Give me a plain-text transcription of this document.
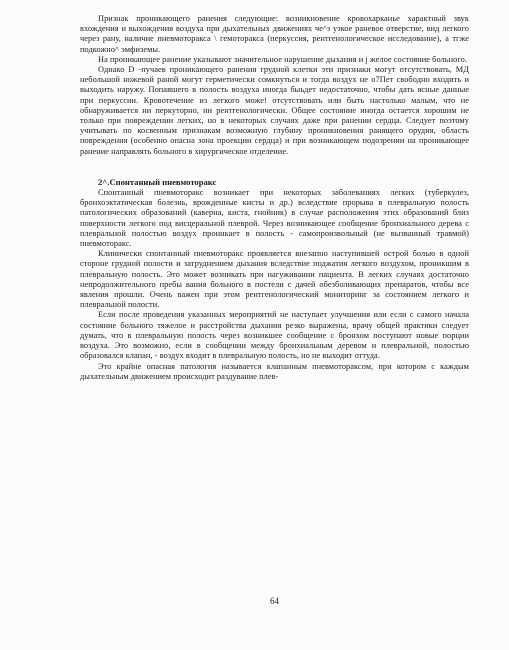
Признак проникающего ранения следующие: возникновение кровохарканье характный звук вхождения и выхождения воздуха при дыхательных движениях че^з узкое раневое отверстие, вид легкого через рану, наличие пневмоторакса \ гемоторакса (перкуссия, рентгенологическое исследование), а тгже подкожно^ эмфиземы.

На проникающее ранение указывают значительное нарушение дыхания и j желое состояние больного.

Однако D -пучаев проникающего ранения грудной клетки эти признаки могут отсутствовать, МД небольшой ножевой раной могут герметически сомкнуться и тогда воздух не о7Пет свободно входить и выходить наружу. Попавшего в полость воздуха иногда быьдет недостаточно, чтобы дать ясные данные при перкуссии. Кровотечение из легкого може! отсутствовать или быть настолько малым, что не обнаруживается ни перкуторно, ни рентгенологически. Общее состояние иногда остается хорошим не только при повреждении легких, но в некоторых случаях даже при ранении сердца. Следует поэтому учитывать по косвенным признакам возможную глубину проникновения ранящего орудия, область повреждения (особенно опасна зона проекции сердца) и при возникающем подозрении на проникающее ранение направлять больного в хирургическое отделение.

2^.Спонтанный пневмоторакс

Спонтанный пневмоторакс возникает при некоторых заболеваниях легких (туберкулез, бронхоэктатическая болезнь, врожденные кисты и др.) вследствие прорыва в плевральную полость патологических образований (каверна, киста, гнойник) в случае расположения этих образований близ поверхности легкого под висцеральной плеврой. Через возникающее сообщение бронхиального дерева с плевральной полостью воздух проникает в полость - самопроизвольный (не вызванный травмой) пневмоторакс.

Клинически спонтанный пневмоторакс проявляется внезапно наступившей острой болью в одной стороне грудной полости и затруднением дыхания вследствие поджатия легкого воздухом, проникшим в плевральную полость. Это может возникать при нагуживании пациента. В легких случаях достаточно непродолжительного пребы вания больного в постели с дачей обезболивающих препаратов, чтобы все явления прошли. Очень важен при этом рентгенологический мониторинг за состоянием легкого и плевральной полости.

Если после проведения указанных мероприятий не наступает улучшения или если с самого начала состояние больного тяжелое и расстройства дыхания резко выражены, врачу общей практики следует думать, что в плевральную полость через возникшее сообщение с бронхом поступают новые порции воздуха. Это возможно, если в сообщении между бронхиальным деревом и плевральной, полостью образовался клапан, - воздух входит в плевральную полость, но не выходит оттуда.

Это крайне опасная патология называется клапанным пневмотораксом, при котором с каждым дыхательным движением происходит раздувание плев-

64
